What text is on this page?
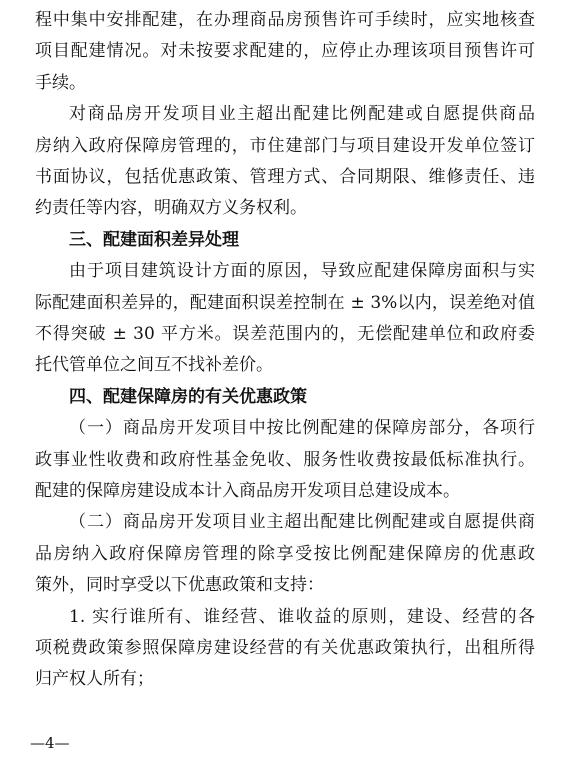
程中集中安排配建，在办理商品房预售许可手续时，应实地核查
项目配建情况。对未按要求配建的，应停止办理该项目预售许可
手续。
对商品房开发项目业主超出配建比例配建或自愿提供商品
房纳入政府保障房管理的，市住建部门与项目建设开发单位签订
书面协议，包括优惠政策、管理方式、合同期限、维修责任、违
约责任等内容，明确双方义务权利。
三、配建面积差异处理
由于项目建筑设计方面的原因，导致应配建保障房面积与实
际配建面积差异的，配建面积误差控制在 ± 3%以内，误差绝对值
不得突破 ± 30 平方米。误差范围内的，无偿配建单位和政府委
托代管单位之间互不找补差价。
四、配建保障房的有关优惠政策
（一）商品房开发项目中按比例配建的保障房部分，各项行
政事业性收费和政府性基金免收、服务性收费按最低标准执行。
配建的保障房建设成本计入商品房开发项目总建设成本。
（二）商品房开发项目业主超出配建比例配建或自愿提供商
品房纳入政府保障房管理的除享受按比例配建保障房的优惠政
策外，同时享受以下优惠政策和支持：
1. 实行谁所有、谁经营、谁收益的原则，建设、经营的各
项税费政策参照保障房建设经营的有关优惠政策执行，出租所得
归产权人所有；
—4—
